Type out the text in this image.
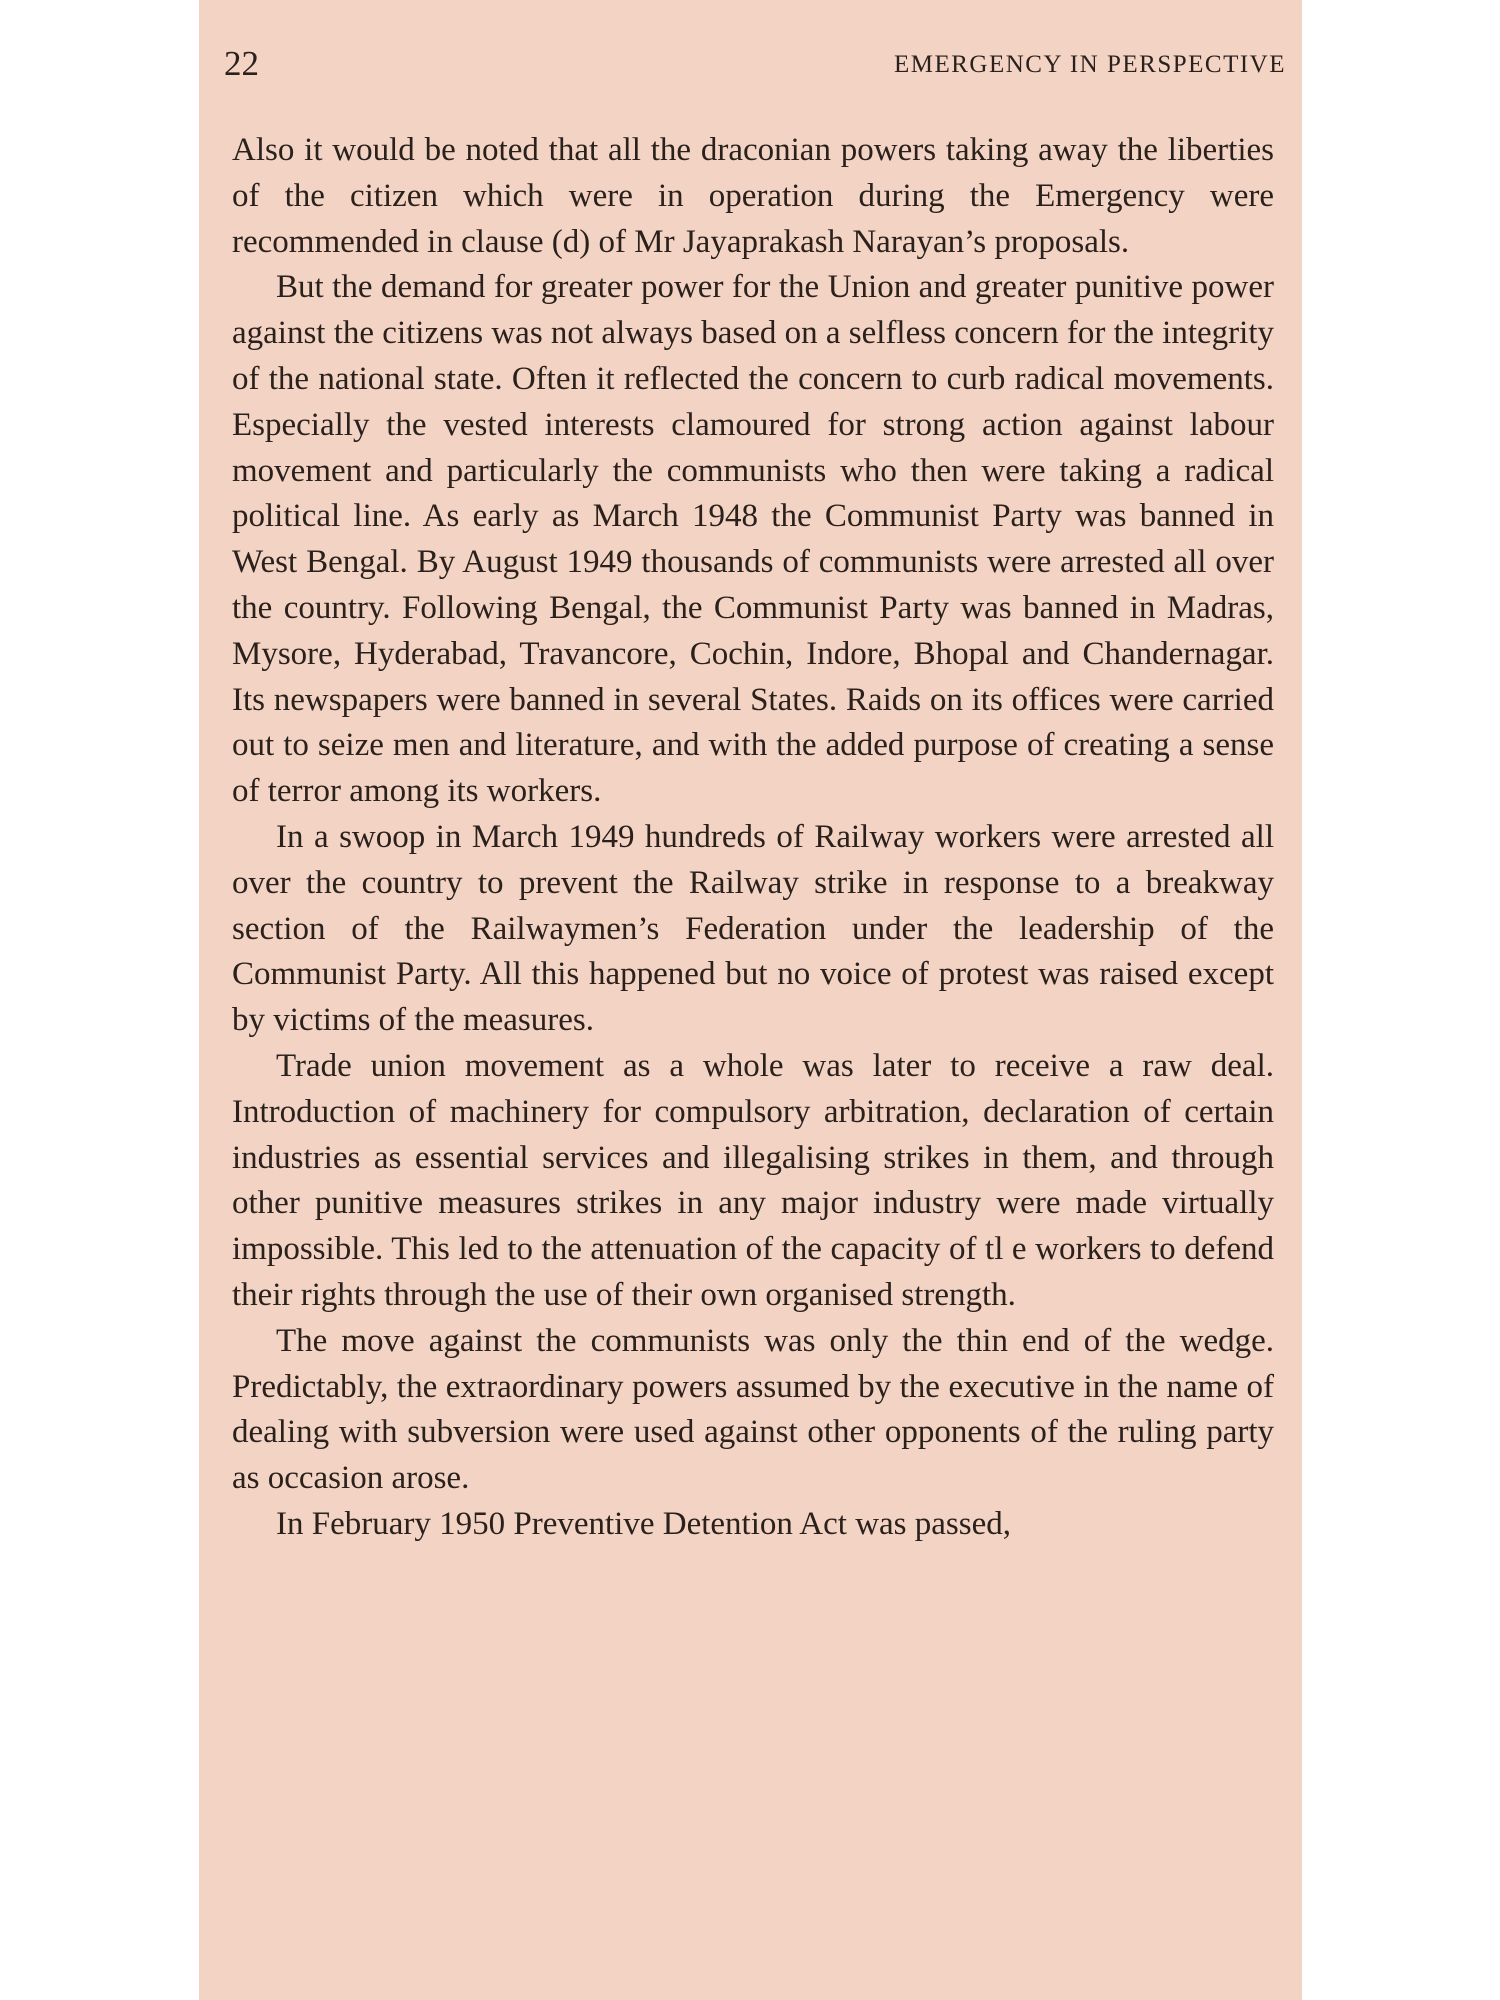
22	EMERGENCY IN PERSPECTIVE

Also it would be noted that all the draconian powers taking away the liberties of the citizen which were in operation during the Emergency were recommended in clause (d) of Mr Jayaprakash Narayan’s proposals.

But the demand for greater power for the Union and greater punitive power against the citizens was not always based on a selfless concern for the integrity of the national state. Often it reflected the concern to curb radical movements. Especially the vested interests clamoured for strong action against labour movement and particularly the communists who then were taking a radical political line. As early as March 1948 the Communist Party was banned in West Bengal. By August 1949 thousands of communists were arrested all over the country. Following Bengal, the Communist Party was banned in Madras, Mysore, Hyderabad, Travancore, Cochin, Indore, Bhopal and Chandernagar. Its newspapers were banned in several States. Raids on its offices were carried out to seize men and literature, and with the added purpose of creating a sense of terror among its workers.

In a swoop in March 1949 hundreds of Railway workers were arrested all over the country to prevent the Railway strike in response to a breakway section of the Railwaymen’s Federation under the leadership of the Communist Party. All this happened but no voice of protest was raised except by victims of the measures.

Trade union movement as a whole was later to receive a raw deal. Introduction of machinery for compulsory arbitration, declaration of certain industries as essential services and illegalising strikes in them, and through other punitive measures strikes in any major industry were made virtually impossible. This led to the attenuation of the capacity of tl e workers to defend their rights through the use of their own organised strength.

The move against the communists was only the thin end of the wedge. Predictably, the extraordinary powers assumed by the executive in the name of dealing with subversion were used against other opponents of the ruling party as occasion arose.

In February 1950 Preventive Detention Act was passed,
